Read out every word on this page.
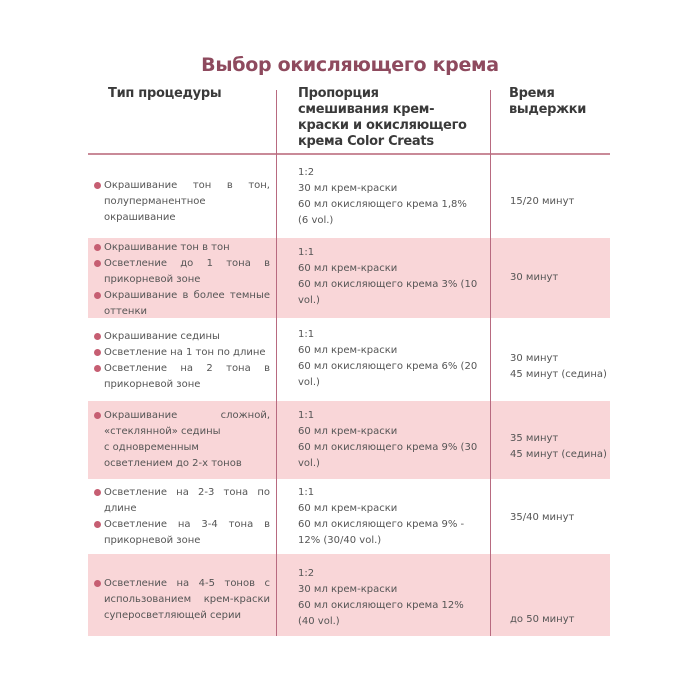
Выбор окисляющего крема
Тип процедуры	Пропорция
смешивания крем-
краски и окисляющего
крема Color Creats
Время
выдержки
Окрашивание тон в тон, полуперманентное окрашивание
1:2
30 мл крем-краски
60 мл окисляющего крема 1,8%
(6 vol.)
15/20 минут
Окрашивание тон в тон
Осветление до 1 тона в прикорневой зоне
Окрашивание в более темные оттенки
1:1
60 мл крем-краски
60 мл окисляющего крема 3% (10
vol.)
30 минут
Окрашивание седины
Осветление на 1 тон по длине
Осветление на 2 тона в прикорневой зоне
1:1
60 мл крем-краски
60 мл окисляющего крема 6% (20
vol.)
30 минут
45 минут (седина)
Окрашивание сложной, «стеклянной» седины
с одновременным осветлением до 2-х тонов
1:1
60 мл крем-краски
60 мл окисляющего крема 9% (30
vol.)
35 минут
45 минут (седина)
Осветление на 2-3 тона по длине
Осветление на 3-4 тона в прикорневой зоне
1:1
60 мл крем-краски
60 мл окисляющего крема 9% -
12% (30/40 vol.)
35/40 минут
Осветление на 4-5 тонов с использованием крем-краски суперосветляющей серии
1:2
30 мл крем-краски
60 мл окисляющего крема 12%
(40 vol.)	до 50 минут
